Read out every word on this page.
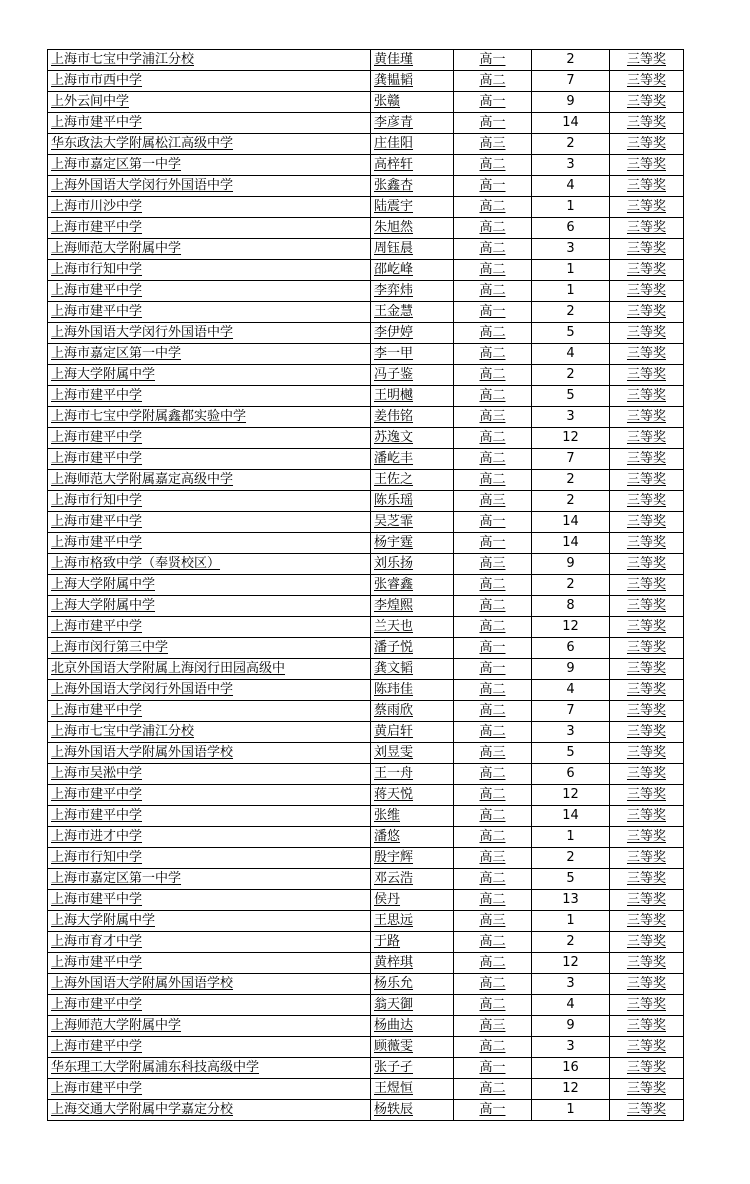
上海市七宝中学浦江分校	黄佳瑾	高一	2	三等奖
上海市市西中学	龚韫韬	高二	7	三等奖
上外云间中学	张赣	高一	9	三等奖
上海市建平中学	李彦青	高一	14	三等奖
华东政法大学附属松江高级中学	庄佳阳	高三	2	三等奖
上海市嘉定区第一中学	高梓轩	高二	3	三等奖
上海外国语大学闵行外国语中学	张鑫杏	高一	4	三等奖
上海市川沙中学	陆震宇	高二	1	三等奖
上海市建平中学	朱旭然	高二	6	三等奖
上海师范大学附属中学	周钰晨	高二	3	三等奖
上海市行知中学	邵屹峰	高二	1	三等奖
上海市建平中学	李弈炜	高二	1	三等奖
上海市建平中学	王金慧	高一	2	三等奖
上海外国语大学闵行外国语中学	李伊婷	高二	5	三等奖
上海市嘉定区第一中学	李一甲	高二	4	三等奖
上海大学附属中学	冯子鉴	高二	2	三等奖
上海市建平中学	王明樾	高二	5	三等奖
上海市七宝中学附属鑫都实验中学	姜伟铭	高三	3	三等奖
上海市建平中学	苏逸文	高二	12	三等奖
上海市建平中学	潘屹丰	高二	7	三等奖
上海师范大学附属嘉定高级中学	王佐之	高二	2	三等奖
上海市行知中学	陈乐瑶	高三	2	三等奖
上海市建平中学	吴芝霏	高一	14	三等奖
上海市建平中学	杨宇霆	高一	14	三等奖
上海市格致中学（奉贤校区）	刘乐扬	高三	9	三等奖
上海大学附属中学	张睿鑫	高二	2	三等奖
上海大学附属中学	李煌熙	高二	8	三等奖
上海市建平中学	兰天也	高二	12	三等奖
上海市闵行第三中学	潘子悦	高一	6	三等奖
北京外国语大学附属上海闵行田园高级中	龚文韬	高一	9	三等奖
上海外国语大学闵行外国语中学	陈玮佳	高二	4	三等奖
上海市建平中学	蔡雨欣	高二	7	三等奖
上海市七宝中学浦江分校	黄启轩	高二	3	三等奖
上海外国语大学附属外国语学校	刘昱雯	高三	5	三等奖
上海市吴淞中学	王一舟	高二	6	三等奖
上海市建平中学	蒋天悦	高二	12	三等奖
上海市建平中学	张维	高二	14	三等奖
上海市进才中学	潘悠	高二	1	三等奖
上海市行知中学	殷宇辉	高三	2	三等奖
上海市嘉定区第一中学	邓云浩	高二	5	三等奖
上海市建平中学	侯丹	高二	13	三等奖
上海大学附属中学	王思远	高三	1	三等奖
上海市育才中学	于路	高二	2	三等奖
上海市建平中学	黄梓琪	高二	12	三等奖
上海外国语大学附属外国语学校	杨乐允	高二	3	三等奖
上海市建平中学	翁天御	高二	4	三等奖
上海师范大学附属中学	杨曲达	高三	9	三等奖
上海市建平中学	顾薇雯	高二	3	三等奖
华东理工大学附属浦东科技高级中学	张子孑	高一	16	三等奖
上海市建平中学	王煜恒	高二	12	三等奖
上海交通大学附属中学嘉定分校	杨轶辰	高一	1	三等奖
